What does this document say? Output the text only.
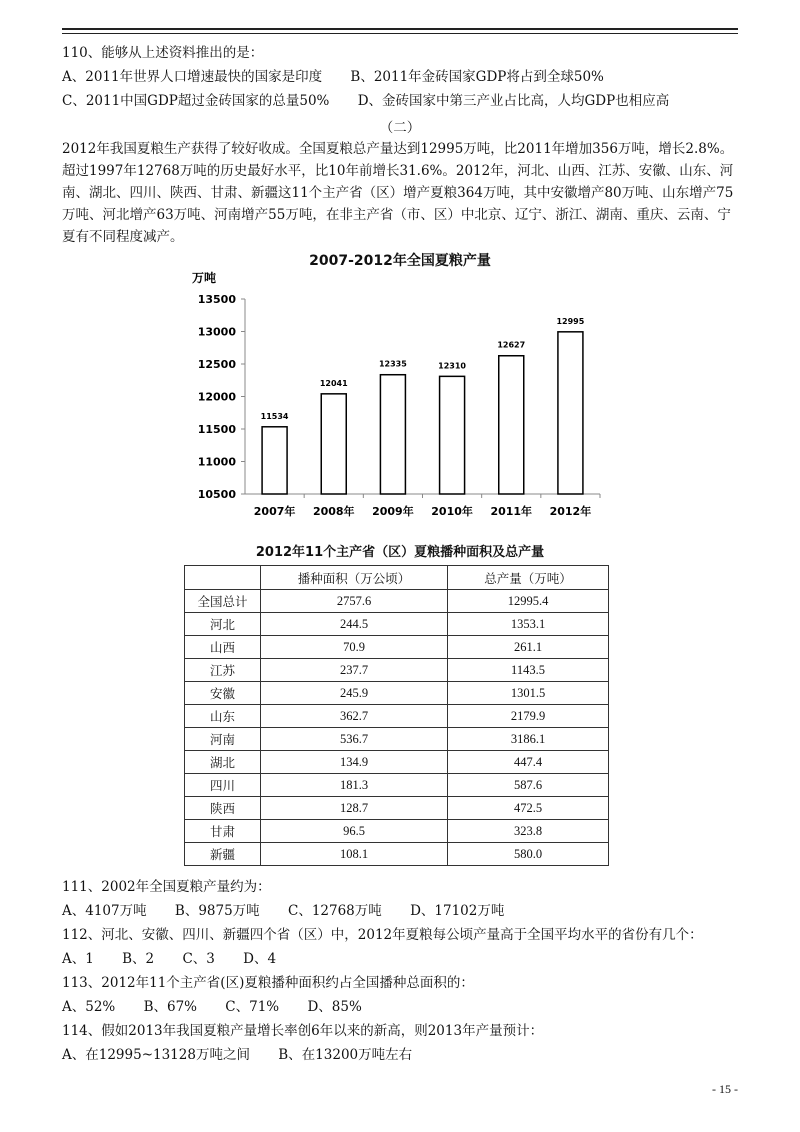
110、能够从上述资料推出的是：
A、2011年世界人口增速最快的国家是印度 B、2011年金砖国家GDP将占到全球50%
C、2011中国GDP超过金砖国家的总量50% D、金砖国家中第三产业占比高，人均GDP也相应高
（二）
2012年我国夏粮生产获得了较好收成。全国夏粮总产量达到12995万吨，比2011年增加356万吨，增长2.8%。超过1997年12768万吨的历史最好水平，比10年前增长31.6%。2012年，河北、山西、江苏、安徽、山东、河南、湖北、四川、陕西、甘肃、新疆这11个主产省（区）增产夏粮364万吨，其中安徽增产80万吨、山东增产75万吨、河北增产63万吨、河南增产55万吨，在非主产省（市、区）中北京、辽宁、浙江、湖南、重庆、云南、宁夏有不同程度减产。
2007-2012年全国夏粮产量
万吨
10500
11000
11500
12000
12500
13000
13500
11534
2007年
12041
2008年
12335
2009年
12310
2010年
12627
2011年
12995
2012年
2012年11个主产省（区）夏粮播种面积及总产量
	播种面积（万公顷）	总产量（万吨）
全国总计	2757.6	12995.4
河北	244.5	1353.1
山西	70.9	261.1
江苏	237.7	1143.5
安徽	245.9	1301.5
山东	362.7	2179.9
河南	536.7	3186.1
湖北	134.9	447.4
四川	181.3	587.6
陕西	128.7	472.5
甘肃	96.5	323.8
新疆	108.1	580.0
111、2002年全国夏粮产量约为：
A、4107万吨 B、9875万吨 C、12768万吨 D、17102万吨
112、河北、安徽、四川、新疆四个省（区）中，2012年夏粮每公顷产量高于全国平均水平的省份有几个：
A、1 B、2 C、3 D、4
113、2012年11个主产省(区)夏粮播种面积约占全国播种总面积的：
A、52% B、67% C、71% D、85%
114、假如2013年我国夏粮产量增长率创6年以来的新高，则2013年产量预计：
A、在12995~13128万吨之间 B、在13200万吨左右
- 15 -
